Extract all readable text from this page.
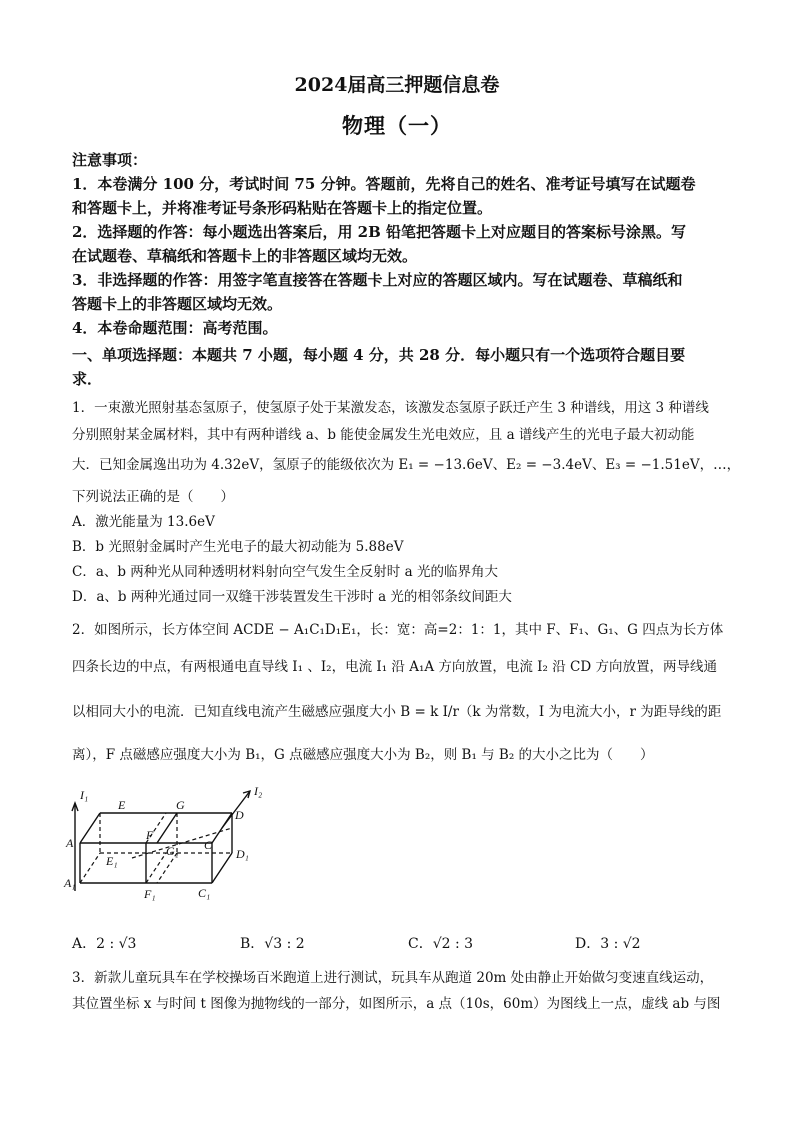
2024届高三押题信息卷
物理（一）
注意事项：
1．本卷满分 100 分，考试时间 75 分钟。答题前，先将自己的姓名、准考证号填写在试题卷
和答题卡上，并将准考证号条形码粘贴在答题卡上的指定位置。
2．选择题的作答：每小题选出答案后，用 2B 铅笔把答题卡上对应题目的答案标号涂黑。写
在试题卷、草稿纸和答题卡上的非答题区域均无效。
3．非选择题的作答：用签字笔直接答在答题卡上对应的答题区域内。写在试题卷、草稿纸和
答题卡上的非答题区域均无效。
4．本卷命题范围：高考范围。
一、单项选择题：本题共 7 小题，每小题 4 分，共 28 分．每小题只有一个选项符合题目要
求．
1．一束激光照射基态氢原子，使氢原子处于某激发态，该激发态氢原子跃迁产生 3 种谱线，用这 3 种谱线
分别照射某金属材料，其中有两种谱线 a、b 能使金属发生光电效应，且 a 谱线产生的光电子最大初动能
大．已知金属逸出功为 4.32eV，氢原子的能级依次为 E₁ = −13.6eV、E₂ = −3.4eV、E₃ = −1.51eV，…，
下列说法正确的是（　　）
A．激光能量为 13.6eV
B．b 光照射金属时产生光电子的最大初动能为 5.88eV
C．a、b 两种光从同种透明材料射向空气发生全反射时 a 光的临界角大
D．a、b 两种光通过同一双缝干涉装置发生干涉时 a 光的相邻条纹间距大
2．如图所示，长方体空间 ACDE − A₁C₁D₁E₁，长：宽：高=2：1：1，其中 F、F₁、G₁、G 四点为长方体
四条长边的中点，有两根通电直导线 I₁ 、I₂，电流 I₁ 沿 A₁A 方向放置，电流 I₂ 沿 CD 方向放置，两导线通
以相同大小的电流．已知直线电流产生磁感应强度大小 B = k I/r（k 为常数，I 为电流大小，r 为距导线的距
离），F 点磁感应强度大小为 B₁，G 点磁感应强度大小为 B₂，则 B₁ 与 B₂ 的大小之比为（　　）
I₁
E	G
I₂
D
F
A
E₁
G₁ C
D₁
A₁
F₁	C₁
A．2 : √3	B．√3 : 2	C．√2 : 3	D．3 : √2
3．新款儿童玩具车在学校操场百米跑道上进行测试，玩具车从跑道 20m 处由静止开始做匀变速直线运动，
其位置坐标 x 与时间 t 图像为抛物线的一部分，如图所示，a 点（10s，60m）为图线上一点，虚线 ab 与图
